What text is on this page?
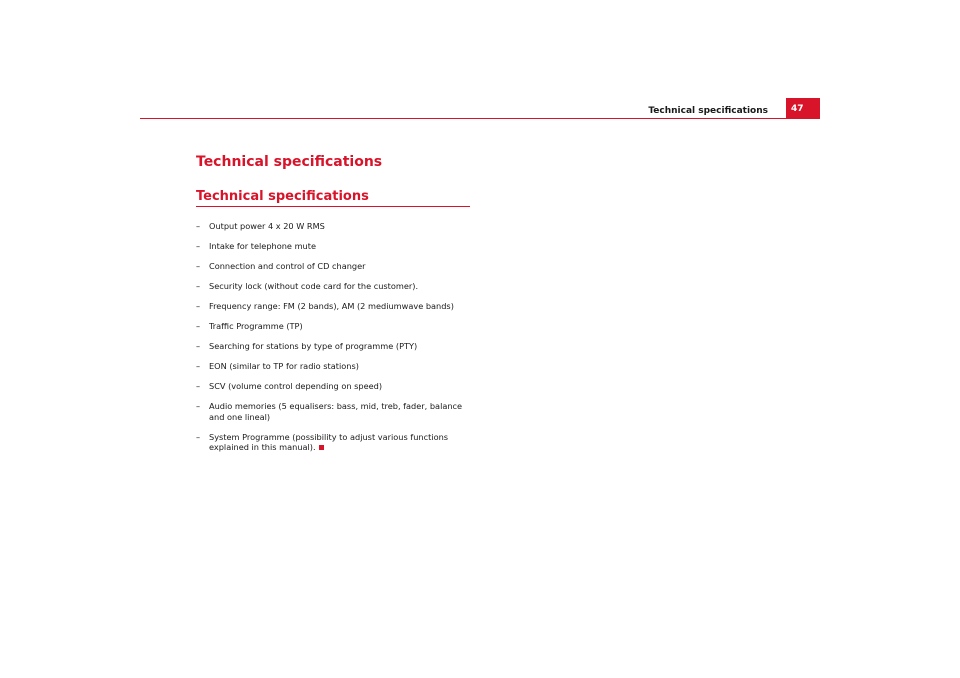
Technical specifications	47
Technical specifications
Technical specifications
– Output power 4 x 20 W RMS
– Intake for telephone mute
– Connection and control of CD changer
– Security lock (without code card for the customer).
– Frequency range: FM (2 bands), AM (2 mediumwave bands)
– Traffic Programme (TP)
– Searching for stations by type of programme (PTY)
– EON (similar to TP for radio stations)
– SCV (volume control depending on speed)
– Audio memories (5 equalisers: bass, mid, treb, fader, balance and one lineal)
– System Programme (possibility to adjust various functions explained in this manual).
